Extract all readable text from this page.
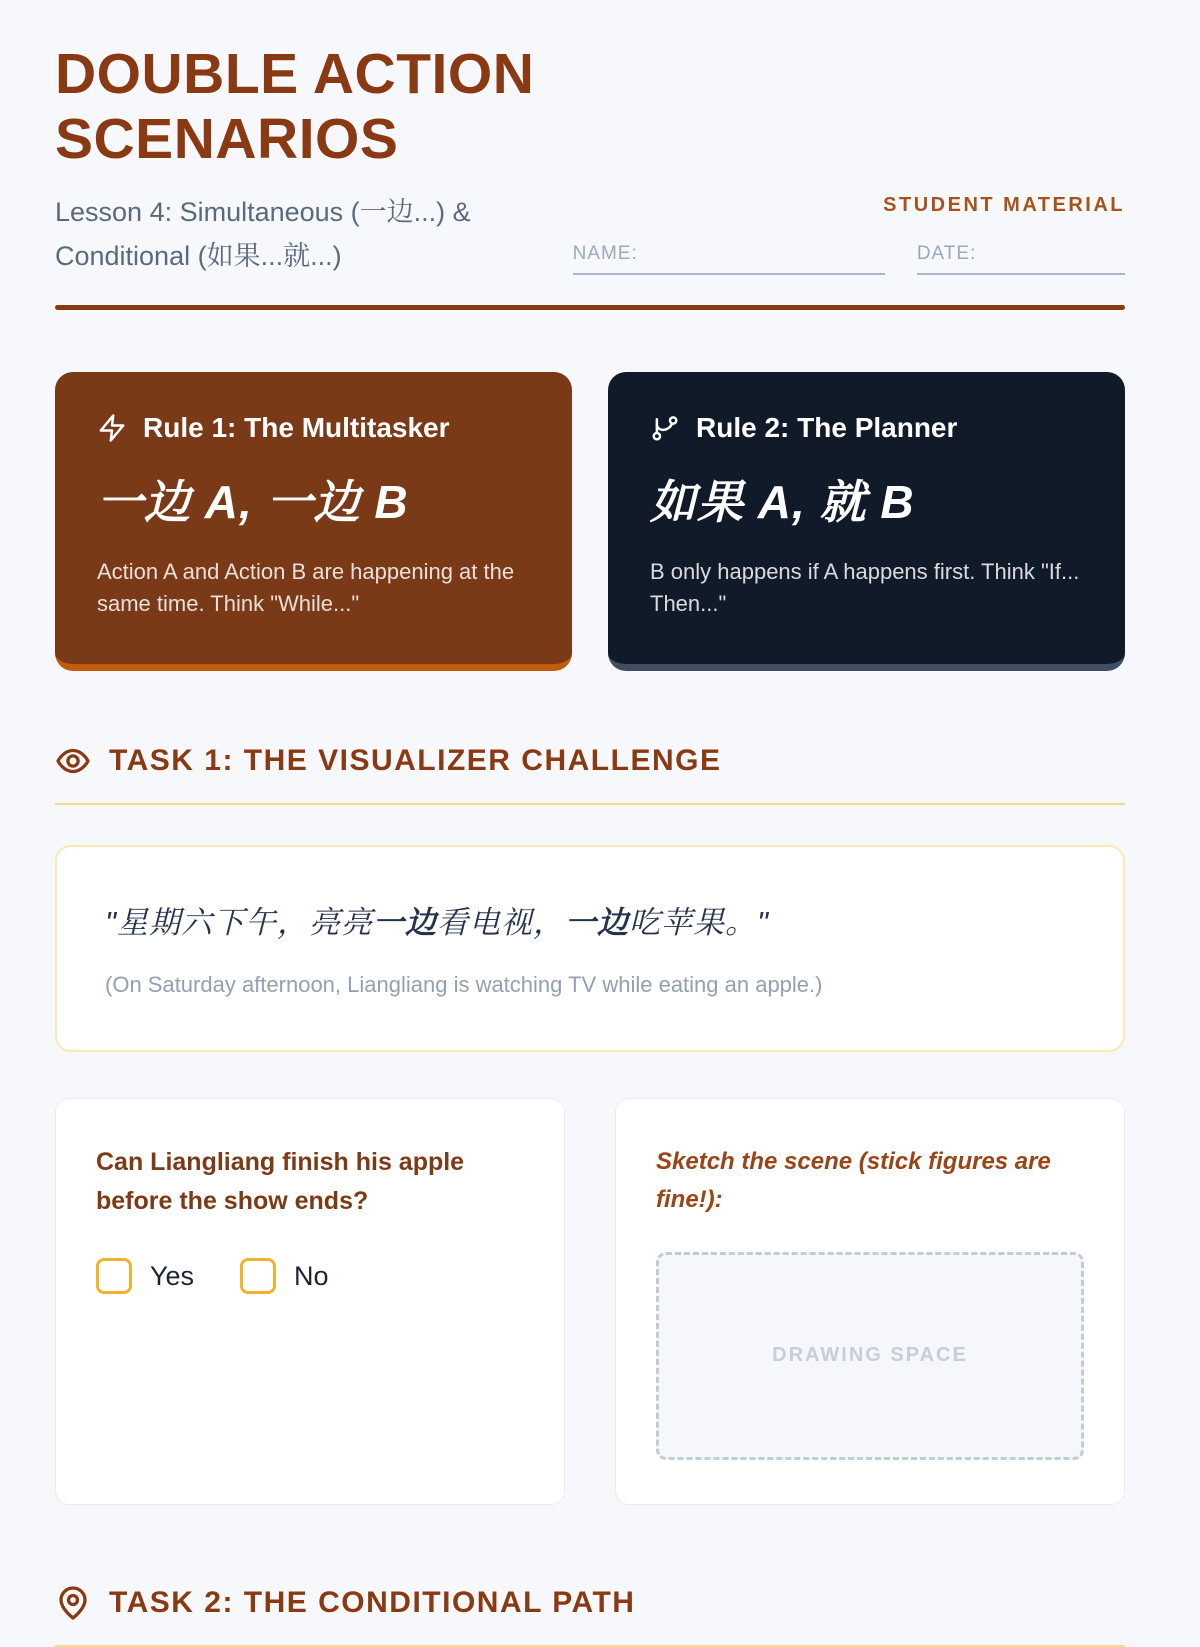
DOUBLE ACTION SCENARIOS
Lesson 4: Simultaneous (一边...) & Conditional (如果...就...)
STUDENT MATERIAL
NAME:	DATE:
Rule 1: The Multitasker
一边 A, 一边 B
Action A and Action B are happening at the same time. Think "While..."
Rule 2: The Planner
如果 A, 就 B
B only happens if A happens first. Think "If... Then..."
TASK 1: THE VISUALIZER CHALLENGE
"星期六下午，亮亮一边看电视，一边吃苹果。"
(On Saturday afternoon, Liangliang is watching TV while eating an apple.)
Can Liangliang finish his apple before the show ends?
Yes	No
Sketch the scene (stick figures are fine!):
DRAWING SPACE
TASK 2: THE CONDITIONAL PATH
